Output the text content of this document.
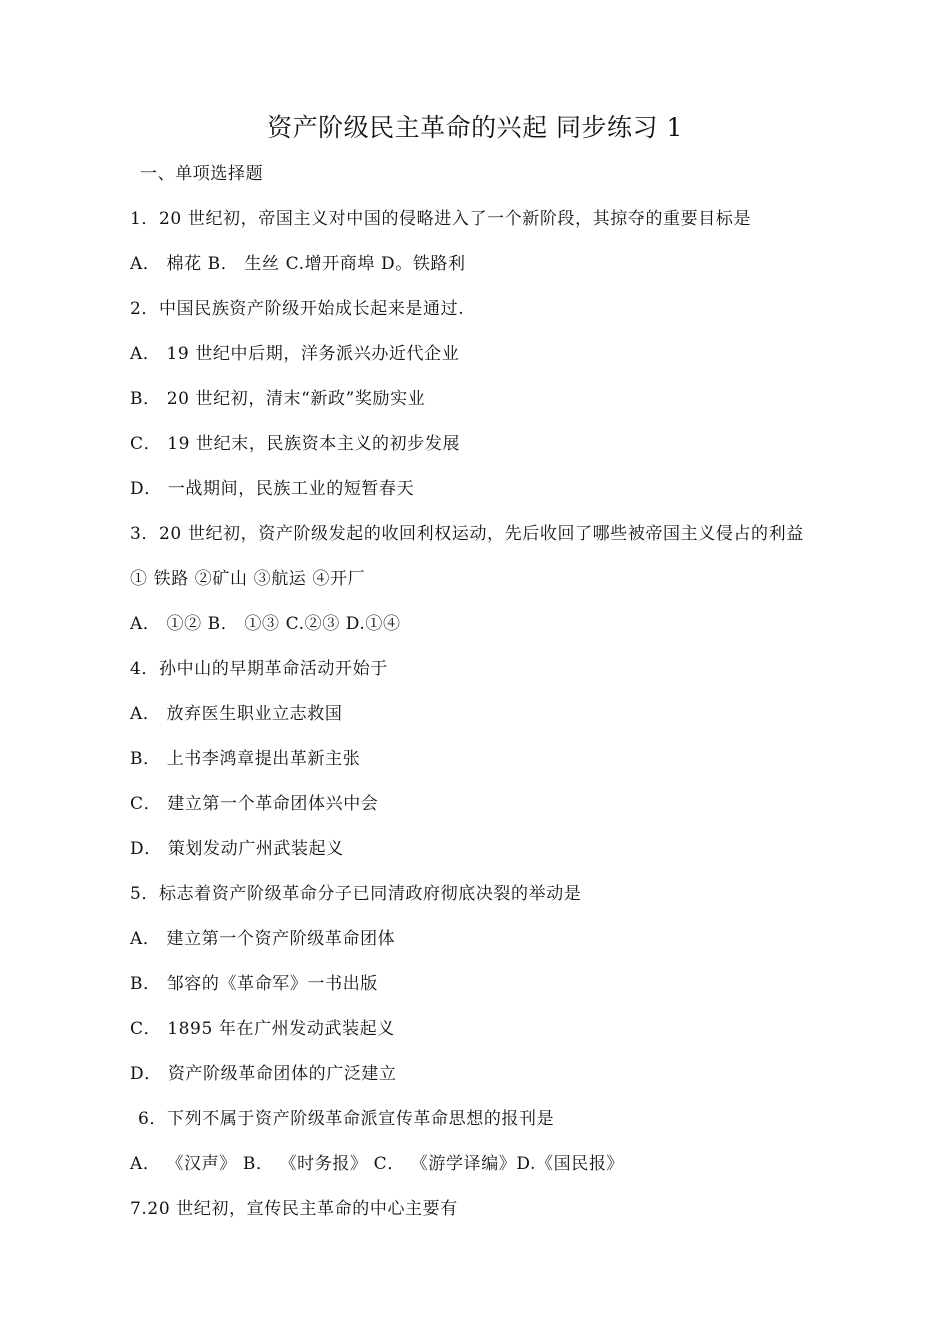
资产阶级民主革命的兴起 同步练习 1
一、单项选择题
1．20 世纪初，帝国主义对中国的侵略进入了一个新阶段，其掠夺的重要目标是
A． 棉花 B． 生丝 C.增开商埠 D。铁路利
2．中国民族资产阶级开始成长起来是通过.
A． 19 世纪中后期，洋务派兴办近代企业
B． 20 世纪初，清末“新政”奖励实业
C． 19 世纪末，民族资本主义的初步发展
D． 一战期间，民族工业的短暂春天
3．20 世纪初，资产阶级发起的收回利权运动，先后收回了哪些被帝国主义侵占的利益
① 铁路 ②矿山 ③航运 ④开厂
A． ①② B． ①③ C.②③ D.①④
4．孙中山的早期革命活动开始于
A． 放弃医生职业立志救国
B． 上书李鸿章提出革新主张
C． 建立第一个革命团体兴中会
D． 策划发动广州武装起义
5．标志着资产阶级革命分子已同清政府彻底决裂的举动是
A． 建立第一个资产阶级革命团体
B． 邹容的《革命军》一书出版
C． 1895 年在广州发动武装起义
D． 资产阶级革命团体的广泛建立
6．下列不属于资产阶级革命派宣传革命思想的报刊是
A． 《汉声》 B． 《时务报》 C． 《游学译编》D.《国民报》
7.20 世纪初，宣传民主革命的中心主要有
